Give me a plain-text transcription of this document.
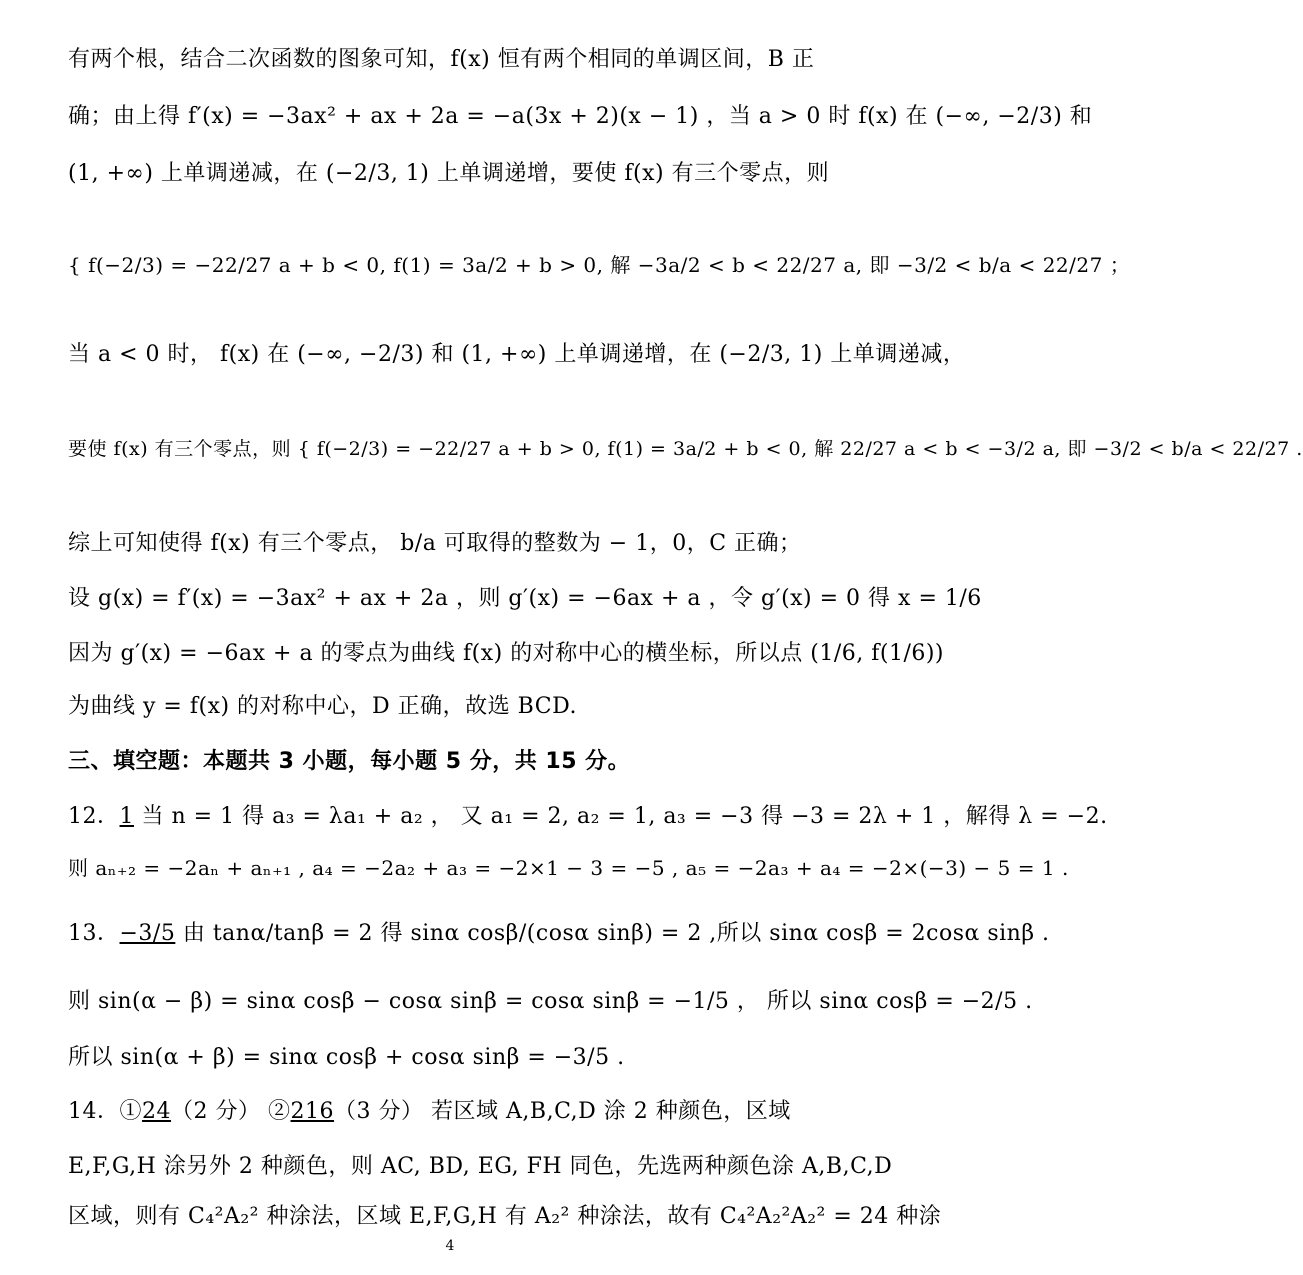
有两个根，结合二次函数的图象可知，f(x) 恒有两个相同的单调区间，B 正
确；由上得 f′(x) = −3ax² + ax + 2a = −a(3x + 2)(x − 1) ，当 a > 0 时 f(x) 在 (−∞, −2/3) 和
(1, +∞) 上单调递减，在 (−2/3, 1) 上单调递增，要使 f(x) 有三个零点，则
{ f(−2/3) = −22/27 a + b < 0, f(1) = 3a/2 + b > 0, 解 −3a/2 < b < 22/27 a, 即 −3/2 < b/a < 22/27 ；
当 a < 0 时， f(x) 在 (−∞, −2/3) 和 (1, +∞) 上单调递增，在 (−2/3, 1) 上单调递减，
要使 f(x) 有三个零点，则 { f(−2/3) = −22/27 a + b > 0, f(1) = 3a/2 + b < 0, 解 22/27 a < b < −3/2 a, 即 −3/2 < b/a < 22/27 .
综上可知使得 f(x) 有三个零点， b/a 可取得的整数为 − 1，0，C 正确；
设 g(x) = f′(x) = −3ax² + ax + 2a ，则 g′(x) = −6ax + a ，令 g′(x) = 0 得 x = 1/6
因为 g′(x) = −6ax + a 的零点为曲线 f(x) 的对称中心的横坐标，所以点 (1/6, f(1/6))
为曲线 y = f(x) 的对称中心，D 正确，故选 BCD.
三、填空题：本题共 3 小题，每小题 5 分，共 15 分。
12．1 当 n = 1 得 a₃ = λa₁ + a₂ ， 又 a₁ = 2, a₂ = 1, a₃ = −3 得 −3 = 2λ + 1 ，解得 λ = −2.
则 aₙ₊₂ = −2aₙ + aₙ₊₁ , a₄ = −2a₂ + a₃ = −2×1 − 3 = −5 , a₅ = −2a₃ + a₄ = −2×(−3) − 5 = 1 .
13．−3/5 由 tanα/tanβ = 2 得 sinα cosβ/(cosα sinβ) = 2 ,所以 sinα cosβ = 2cosα sinβ .
则 sin(α − β) = sinα cosβ − cosα sinβ = cosα sinβ = −1/5 ， 所以 sinα cosβ = −2/5 .
所以 sin(α + β) = sinα cosβ + cosα sinβ = −3/5 .
14．①24（2 分） ②216（3 分） 若区域 A,B,C,D 涂 2 种颜色，区域
E,F,G,H 涂另外 2 种颜色，则 AC, BD, EG, FH 同色，先选两种颜色涂 A,B,C,D
区域，则有 C₄²A₂² 种涂法，区域 E,F,G,H 有 A₂² 种涂法，故有 C₄²A₂²A₂² = 24 种涂
4
